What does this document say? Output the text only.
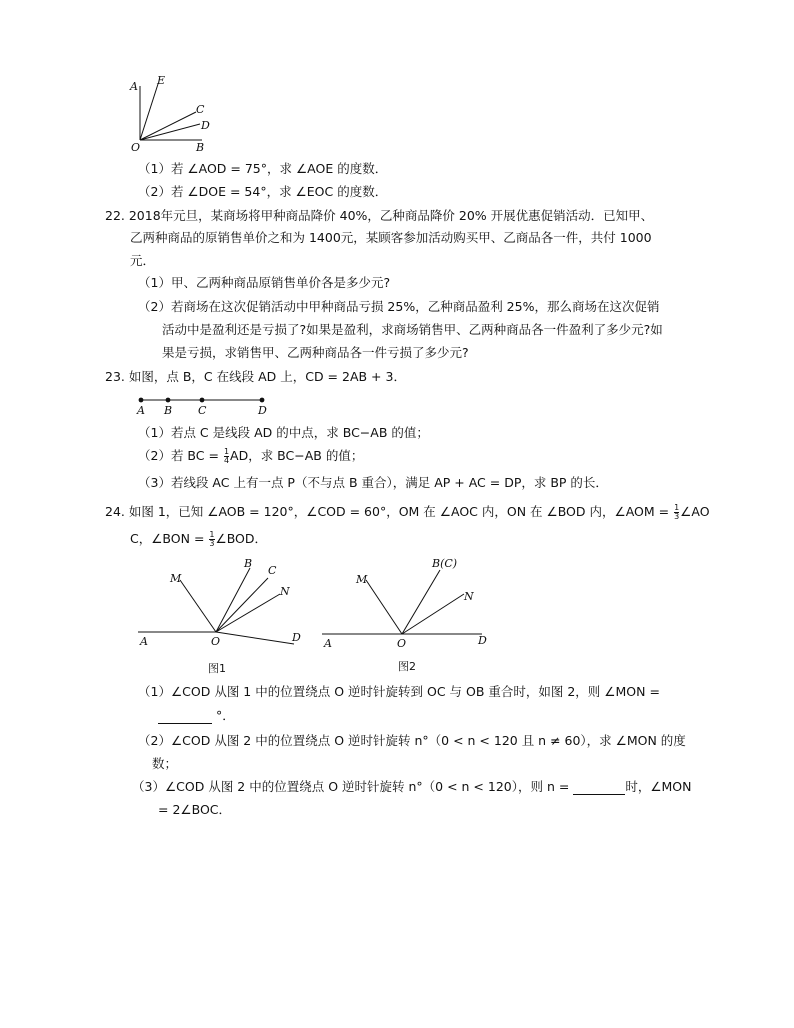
A E
C
D
O	B
（1）若 ∠AOD = 75°，求 ∠AOE 的度数．
（2）若 ∠DOE = 54°，求 ∠EOC 的度数．
22. 2018年元旦，某商场将甲种商品降价 40%，乙种商品降价 20% 开展优惠促销活动．已知甲、
乙两种商品的原销售单价之和为 1400元，某顾客参加活动购买甲、乙商品各一件，共付 1000
元．
（1）甲、乙两种商品原销售单价各是多少元?
（2）若商场在这次促销活动中甲种商品亏损 25%，乙种商品盈利 25%，那么商场在这次促销
活动中是盈利还是亏损了?如果是盈利，求商场销售甲、乙两种商品各一件盈利了多少元?如
果是亏损，求销售甲、乙两种商品各一件亏损了多少元?
23. 如图，点 B，C 在线段 AD 上，CD = 2AB + 3．
A B C	D
（1）若点 C 是线段 AD 的中点，求 BC−AB 的值；
（2）若 BC = $\frac{1}{4}$ AD，求 BC−AB 的值；
（3）若线段 AC 上有一点 P（不与点 B 重合），满足 AP + AC = DP，求 BP 的长．
24. 如图 1，已知 ∠AOB = 120°，∠COD = 60°，OM 在 ∠AOC 内，ON 在 ∠BOD 内，∠AOM = $\frac{1}{3}$ ∠AO
C，∠BON = $\frac{1}{3}$ ∠BOD．
M
B
C
N
A	O	D
图1
M
B(C)
N
A	O	D
图2
（1）∠COD 从图 1 中的位置绕点 O 逆时针旋转到 OC 与 OB 重合时，如图 2，则 ∠MON =
°．
（2）∠COD 从图 2 中的位置绕点 O 逆时针旋转 n°（0 < n < 120 且 n ≠ 60），求 ∠MON 的度
数；
（3）∠COD 从图 2 中的位置绕点 O 逆时针旋转 n°（0 < n < 120），则 n =	时，∠MON
= 2∠BOC．
